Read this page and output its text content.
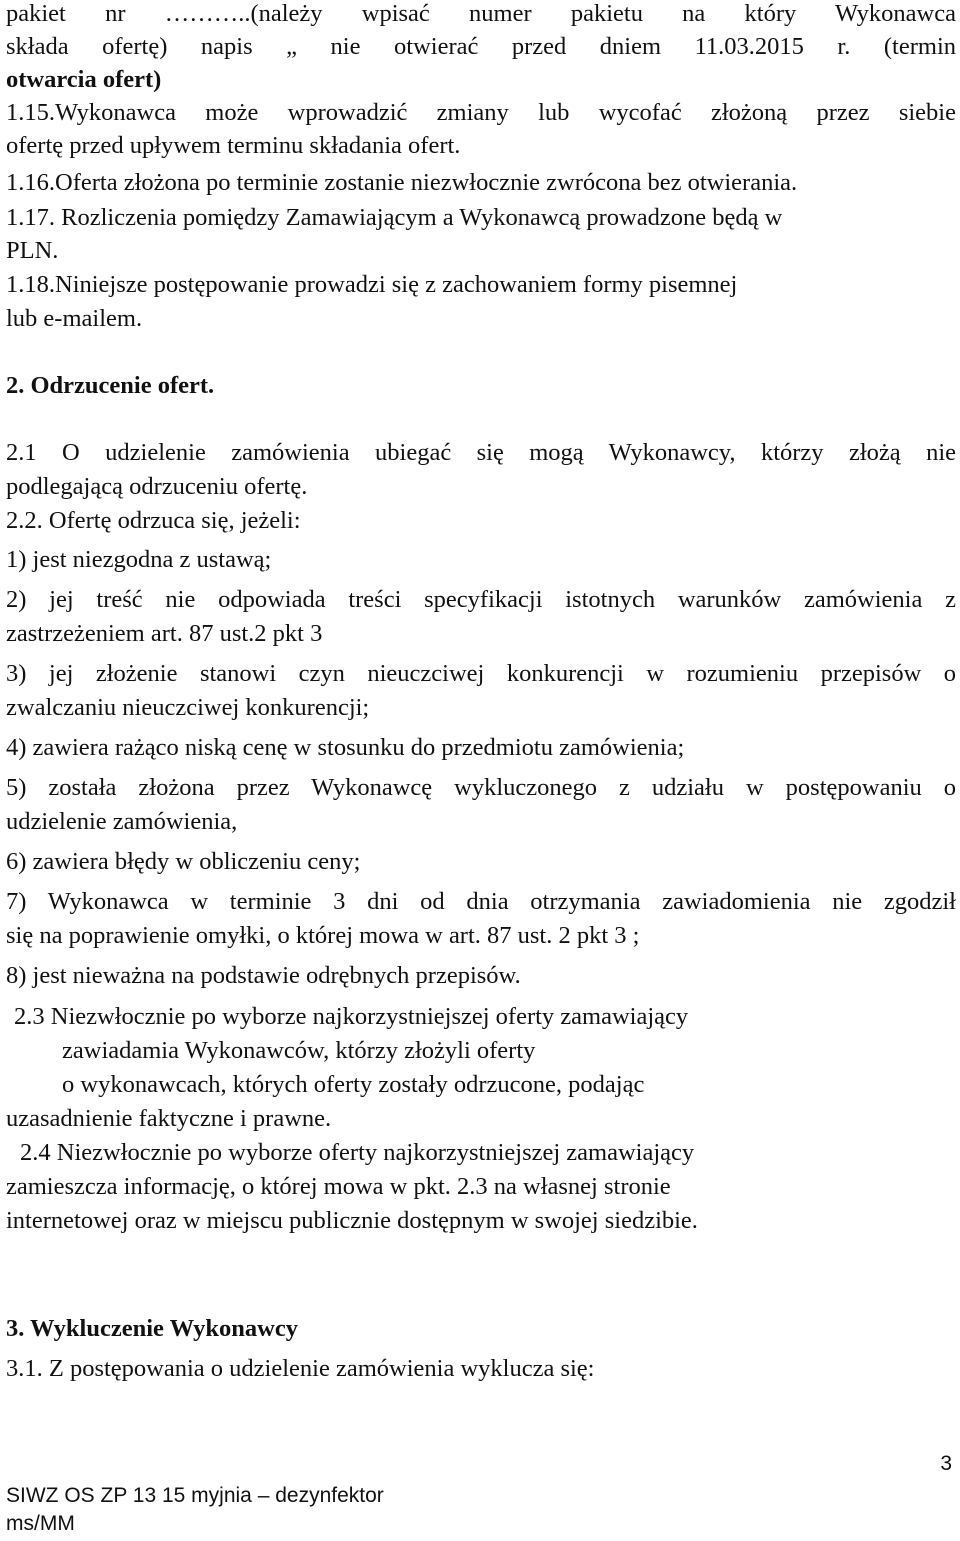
pakiet nr ………..(należy wpisać numer pakietu na który Wykonawca
składa ofertę) napis „ nie otwierać przed dniem 11.03.2015 r. (termin
otwarcia ofert)
1.15.Wykonawca może wprowadzić zmiany lub wycofać złożoną przez siebie
ofertę przed upływem terminu składania ofert.
1.16.Oferta złożona po terminie zostanie niezwłocznie zwrócona bez otwierania.
1.17. Rozliczenia pomiędzy Zamawiającym a Wykonawcą prowadzone będą w
PLN.
1.18.Niniejsze postępowanie prowadzi się z zachowaniem formy pisemnej
lub e-mailem.
2. Odrzucenie ofert.
2.1 O udzielenie zamówienia ubiegać się mogą Wykonawcy, którzy złożą nie
podlegającą odrzuceniu ofertę.
2.2. Ofertę odrzuca się, jeżeli:
1) jest niezgodna z ustawą;
2) jej treść nie odpowiada treści specyfikacji istotnych warunków zamówienia z
zastrzeżeniem art. 87 ust.2 pkt 3
3) jej złożenie stanowi czyn nieuczciwej konkurencji w rozumieniu przepisów o
zwalczaniu nieuczciwej konkurencji;
4) zawiera rażąco niską cenę w stosunku do przedmiotu zamówienia;
5) została złożona przez Wykonawcę wykluczonego z udziału w postępowaniu o
udzielenie zamówienia,
6) zawiera błędy w obliczeniu ceny;
7) Wykonawca w terminie 3 dni od dnia otrzymania zawiadomienia nie zgodził
się na poprawienie omyłki, o której mowa w art. 87 ust. 2 pkt 3 ;
8) jest nieważna na podstawie odrębnych przepisów.
2.3 Niezwłocznie po wyborze najkorzystniejszej oferty zamawiający
zawiadamia Wykonawców, którzy złożyli oferty
o wykonawcach, których oferty zostały odrzucone, podając
uzasadnienie faktyczne i prawne.
2.4 Niezwłocznie po wyborze oferty najkorzystniejszej zamawiający
zamieszcza informację, o której mowa w pkt. 2.3 na własnej stronie
internetowej oraz w miejscu publicznie dostępnym w swojej siedzibie.
3. Wykluczenie Wykonawcy
3.1. Z postępowania o udzielenie zamówienia wyklucza się:
3
SIWZ OS ZP 13 15 myjnia – dezynfektor
ms/MM
